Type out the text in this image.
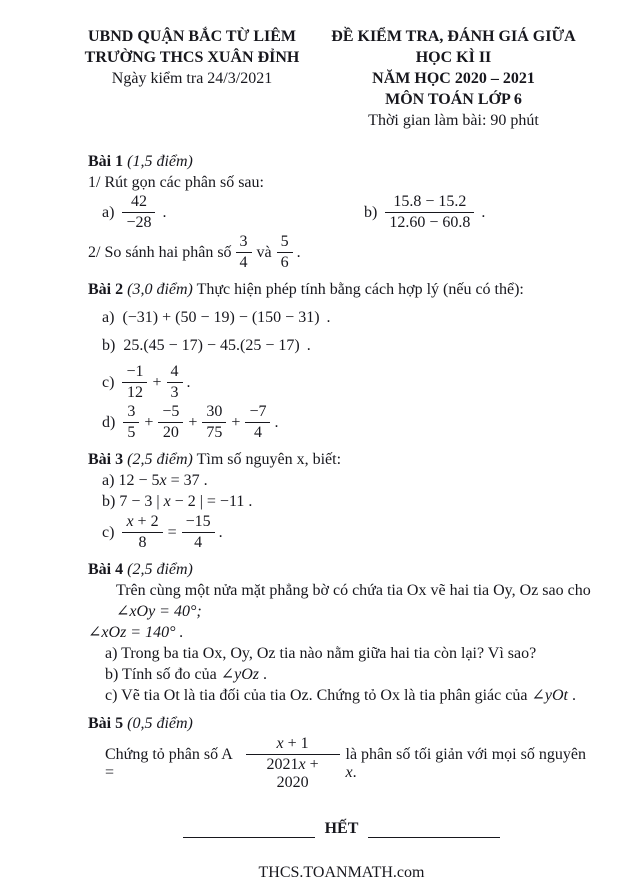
UBND QUẬN BẮC TỪ LIÊM
TRƯỜNG THCS XUÂN ĐỈNH
Ngày kiểm tra 24/3/2021
ĐỀ KIỂM TRA, ĐÁNH GIÁ GIỮA HỌC KÌ II
NĂM HỌC 2020 – 2021
MÔN TOÁN LỚP 6
Thời gian làm bài: 90 phút
Bài 1 (1,5 điểm)
1/ Rút gọn các phân số sau:
$a) \frac{42}{-28}$ .	$b) \frac{15.8 - 15.2}{12.60 - 60.8}$ .
2/ So sánh hai phân số $\frac{3}{4}$ và $\frac{5}{6}$ .
Bài 2 (3,0 điểm) Thực hiện phép tính bằng cách hợp lý (nếu có thể):
a) (−31) + (50 − 19) − (150 − 31) .
b) 25.(45 − 17) − 45.(25 − 17) .
$c) \frac{-1}{12} + \frac{4}{3}$ .
$d) \frac{3}{5} + \frac{-5}{20} + \frac{30}{75} + \frac{-7}{4}$ .
Bài 3 (2,5 điểm) Tìm số nguyên x, biết:
a) 12 − 5x = 37 .
b) 7 − 3 | x − 2 | = −11 .
$c) \frac{x + 2}{8} = \frac{-15}{4}$ .
Bài 4 (2,5 điểm)
Trên cùng một nửa mặt phẳng bờ có chứa tia Ox vẽ hai tia Oy, Oz sao cho ∠xOy = 40°;
∠xOz = 140° .
a) Trong ba tia Ox, Oy, Oz tia nào nằm giữa hai tia còn lại? Vì sao?
b) Tính số đo của ∠yOz .
c) Vẽ tia Ot là tia đối của tia Oz. Chứng tỏ Ox là tia phân giác của ∠yOt .
Bài 5 (0,5 điểm)
Chứng tỏ phân số A =	$\frac{x + 1}{2021x + 2020}$ là phân số tối giản với mọi số nguyên x.
HẾT
THCS.TOANMATH.com
